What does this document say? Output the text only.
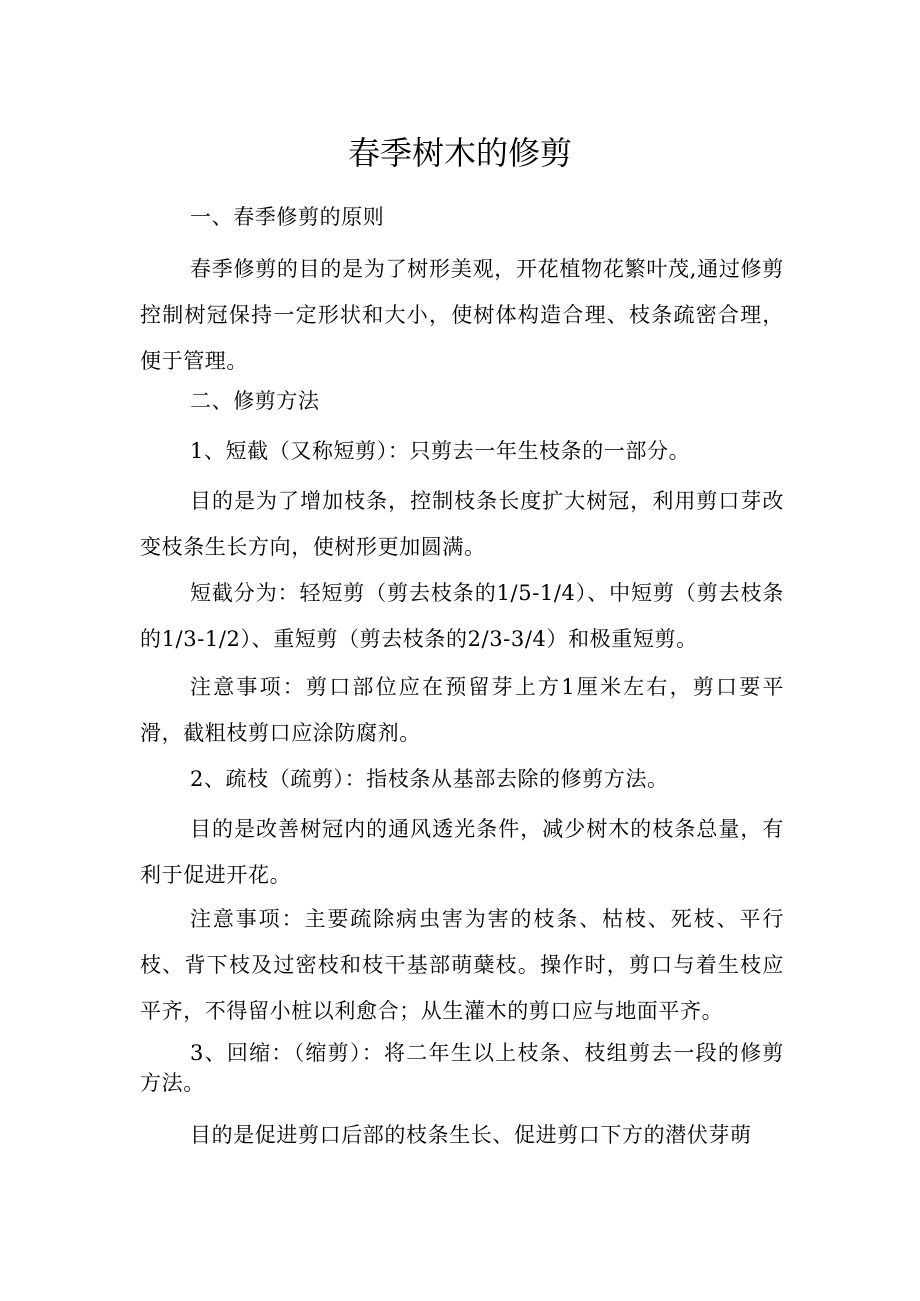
春季树木的修剪

一、春季修剪的原则

春季修剪的目的是为了树形美观，开花植物花繁叶茂,通过修剪控制树冠保持一定形状和大小，使树体构造合理、枝条疏密合理，便于管理。

二、修剪方法

1、短截（又称短剪）：只剪去一年生枝条的一部分。

目的是为了增加枝条，控制枝条长度扩大树冠，利用剪口芽改变枝条生长方向，使树形更加圆满。

短截分为：轻短剪（剪去枝条的1/5-1/4）、中短剪（剪去枝条的1/3-1/2）、重短剪（剪去枝条的2/3-3/4）和极重短剪。

注意事项：剪口部位应在预留芽上方1厘米左右，剪口要平滑，截粗枝剪口应涂防腐剂。

2、疏枝（疏剪）：指枝条从基部去除的修剪方法。

目的是改善树冠内的通风透光条件，减少树木的枝条总量，有利于促进开花。

注意事项：主要疏除病虫害为害的枝条、枯枝、死枝、平行枝、背下枝及过密枝和枝干基部萌蘖枝。操作时，剪口与着生枝应平齐，不得留小桩以利愈合；从生灌木的剪口应与地面平齐。

3、回缩：（缩剪）：将二年生以上枝条、枝组剪去一段的修剪方法。

目的是促进剪口后部的枝条生长、促进剪口下方的潜伏芽萌
